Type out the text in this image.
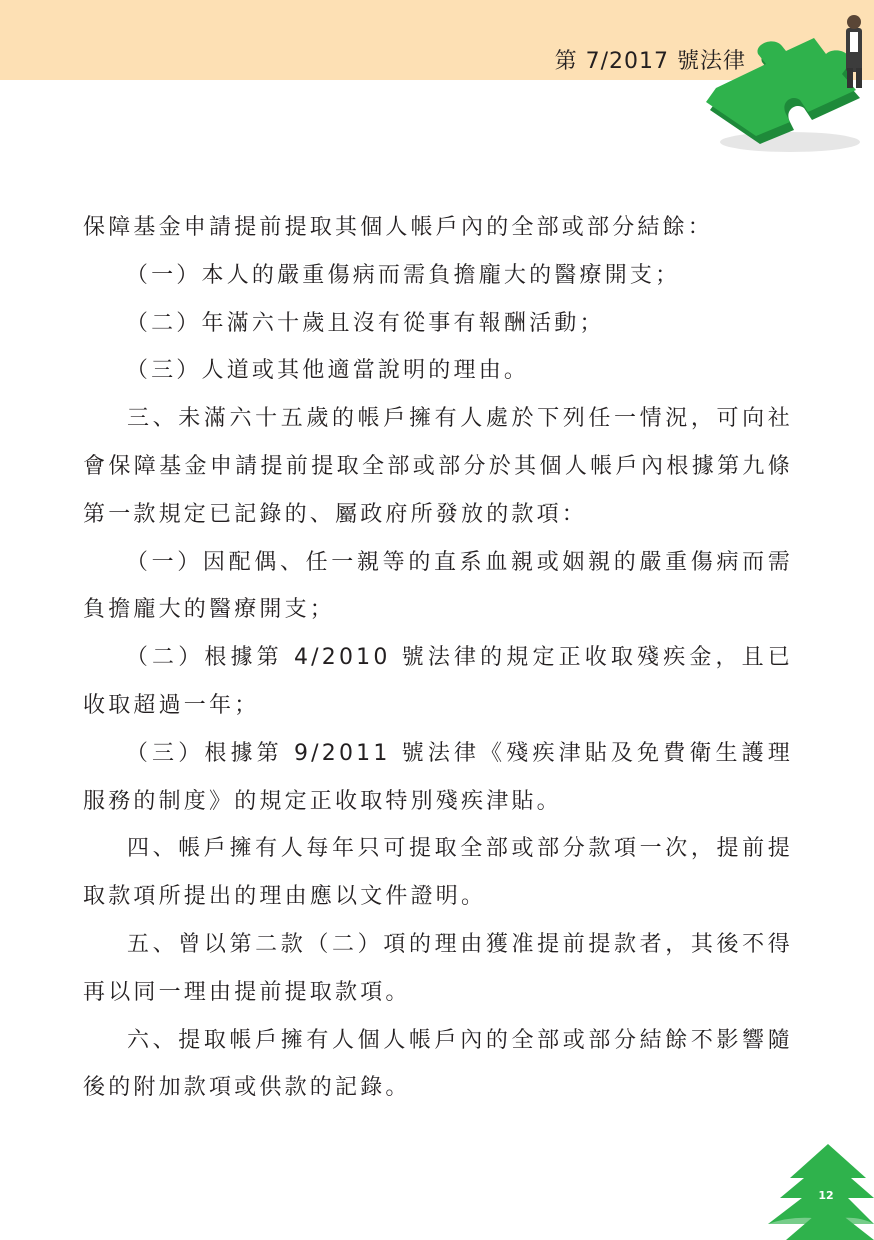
第 7/2017 號法律

保障基金申請提前提取其個人帳戶內的全部或部分結餘：

（一）本人的嚴重傷病而需負擔龐大的醫療開支；

（二）年滿六十歲且沒有從事有報酬活動；

（三）人道或其他適當說明的理由。

三、未滿六十五歲的帳戶擁有人處於下列任一情況，可向社會保障基金申請提前提取全部或部分於其個人帳戶內根據第九條第一款規定已記錄的、屬政府所發放的款項：

（一）因配偶、任一親等的直系血親或姻親的嚴重傷病而需負擔龐大的醫療開支；

（二）根據第 4/2010 號法律的規定正收取殘疾金，且已收取超過一年；

（三）根據第 9/2011 號法律《殘疾津貼及免費衛生護理服務的制度》的規定正收取特別殘疾津貼。

四、帳戶擁有人每年只可提取全部或部分款項一次，提前提取款項所提出的理由應以文件證明。

五、曾以第二款（二）項的理由獲准提前提款者，其後不得再以同一理由提前提取款項。

六、提取帳戶擁有人個人帳戶內的全部或部分結餘不影響隨後的附加款項或供款的記錄。

12
